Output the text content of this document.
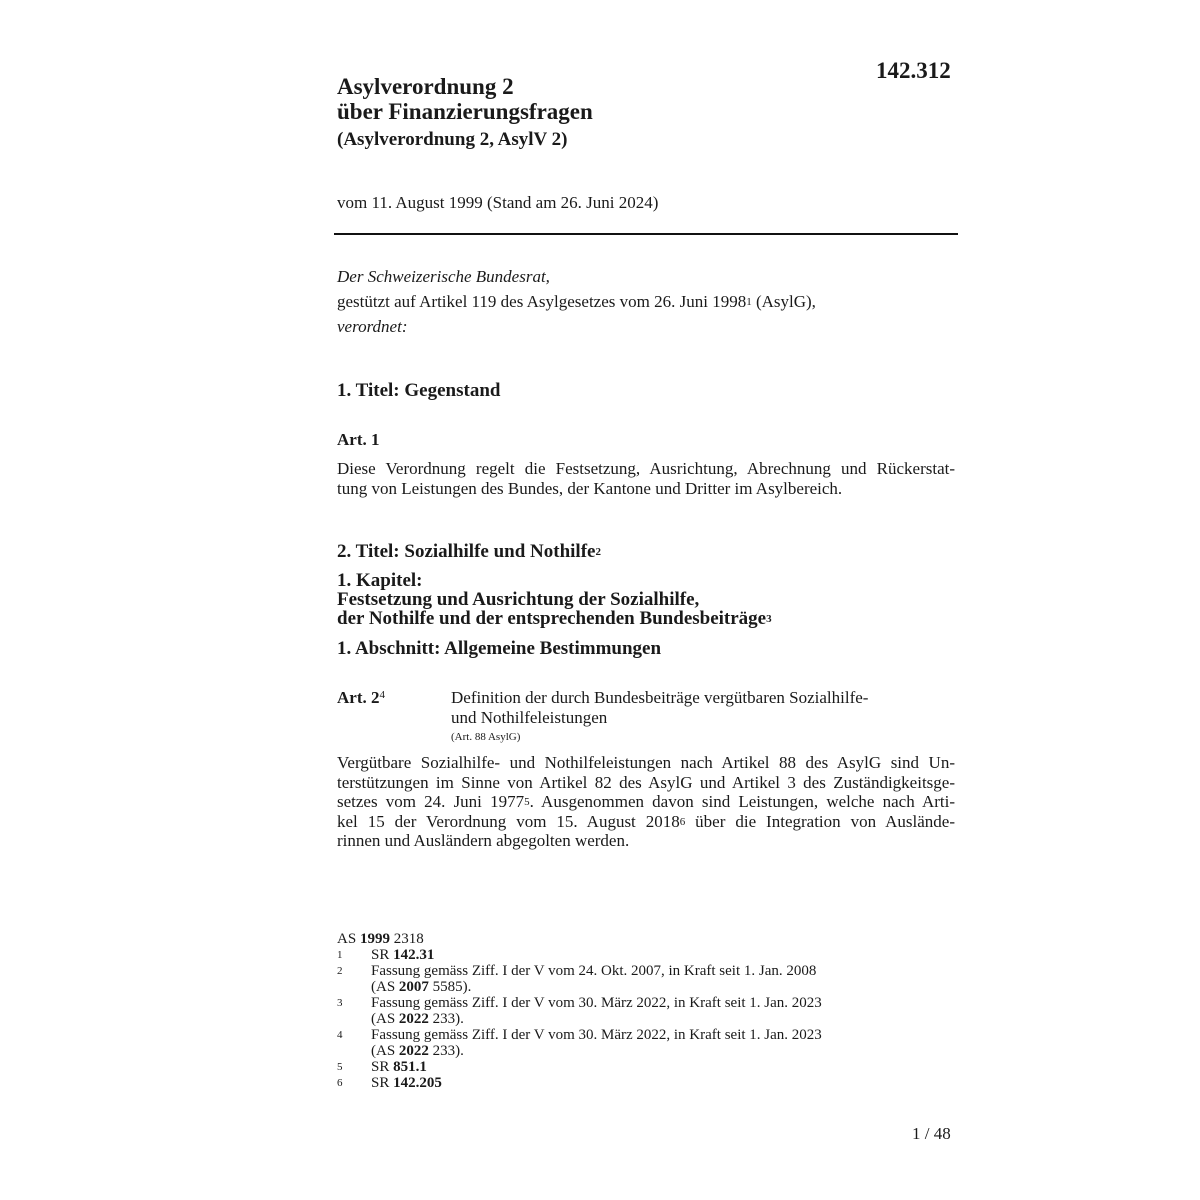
142.312
Asylverordnung 2
über Finanzierungsfragen
(Asylverordnung 2, AsylV 2)
vom 11. August 1999 (Stand am 26. Juni 2024)
Der Schweizerische Bundesrat,
gestützt auf Artikel 119 des Asylgesetzes vom 26. Juni 1998$^1$ (AsylG),
verordnet:
1. Titel: Gegenstand
Art. 1
Diese Verordnung regelt die Festsetzung, Ausrichtung, Abrechnung und Rückerstat-
tung von Leistungen des Bundes, der Kantone und Dritter im Asylbereich.
2. Titel: Sozialhilfe und Nothilfe$^2$
1. Kapitel:
Festsetzung und Ausrichtung der Sozialhilfe,
der Nothilfe und der entsprechenden Bundesbeiträge$^3$
1. Abschnitt: Allgemeine Bestimmungen
Art. $2^4$	Definition der durch Bundesbeiträge vergütbaren Sozialhilfe-
und Nothilfeleistungen
(Art. 88 AsylG)
Vergütbare Sozialhilfe- und Nothilfeleistungen nach Artikel 88 des AsylG sind Un-
terstützungen im Sinne von Artikel 82 des AsylG und Artikel 3 des Zuständigkeitsge-
setzes vom 24. Juni 1977$^5$. Ausgenommen davon sind Leistungen, welche nach Arti-
kel 15 der Verordnung vom 15. August 2018$^6$ über die Integration von Auslände-
rinnen und Ausländern abgegolten werden.
AS 1999 2318
1	SR 142.31
2	Fassung gemäss Ziff. I der V vom 24. Okt. 2007, in Kraft seit 1. Jan. 2008
(AS 2007 5585).
3	Fassung gemäss Ziff. I der V vom 30. März 2022, in Kraft seit 1. Jan. 2023
(AS 2022 233).
4	Fassung gemäss Ziff. I der V vom 30. März 2022, in Kraft seit 1. Jan. 2023
(AS 2022 233).
5	SR 851.1
6	SR 142.205
1 / 48
